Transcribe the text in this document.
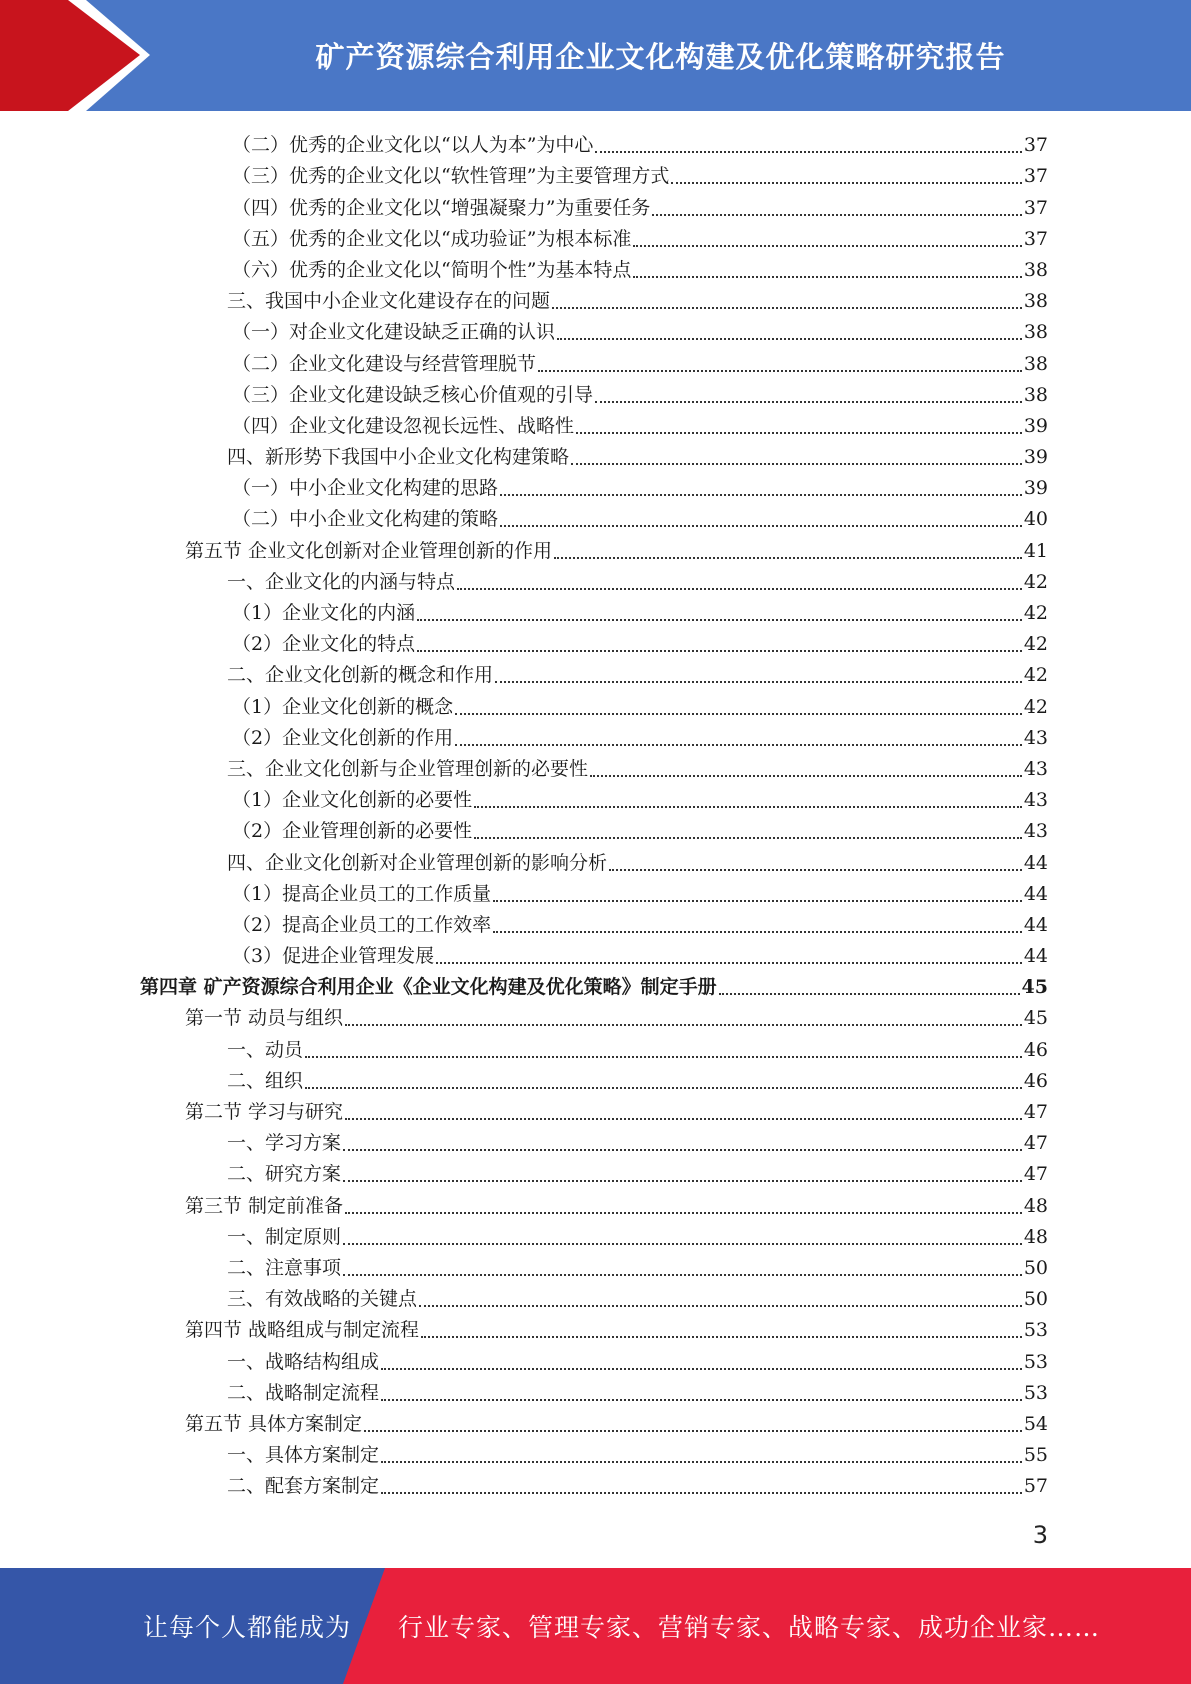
矿产资源综合利用企业文化构建及优化策略研究报告
（二）优秀的企业文化以“以人为本”为中心	37
（三）优秀的企业文化以“软性管理”为主要管理方式	37
（四）优秀的企业文化以“增强凝聚力”为重要任务	37
（五）优秀的企业文化以“成功验证”为根本标准	37
（六）优秀的企业文化以“简明个性”为基本特点	38
三、我国中小企业文化建设存在的问题	38
（一）对企业文化建设缺乏正确的认识	38
（二）企业文化建设与经营管理脱节	38
（三）企业文化建设缺乏核心价值观的引导	38
（四）企业文化建设忽视长远性、战略性	39
四、新形势下我国中小企业文化构建策略	39
（一）中小企业文化构建的思路	39
（二）中小企业文化构建的策略	40
第五节 企业文化创新对企业管理创新的作用	41
一、企业文化的内涵与特点	42
（1）企业文化的内涵	42
（2）企业文化的特点	42
二、企业文化创新的概念和作用	42
（1）企业文化创新的概念	42
（2）企业文化创新的作用	43
三、企业文化创新与企业管理创新的必要性	43
（1）企业文化创新的必要性	43
（2）企业管理创新的必要性	43
四、企业文化创新对企业管理创新的影响分析	44
（1）提高企业员工的工作质量	44
（2）提高企业员工的工作效率	44
（3）促进企业管理发展	44
第四章 矿产资源综合利用企业《企业文化构建及优化策略》制定手册	45
第一节 动员与组织	45
一、动员	46
二、组织	46
第二节 学习与研究	47
一、学习方案	47
二、研究方案	47
第三节 制定前准备	48
一、制定原则	48
二、注意事项	50
三、有效战略的关键点	50
第四节 战略组成与制定流程	53
一、战略结构组成	53
二、战略制定流程	53
第五节 具体方案制定	54
一、具体方案制定	55
二、配套方案制定	57
3
让每个人都能成为 行业专家、管理专家、营销专家、战略专家、成功企业家……
